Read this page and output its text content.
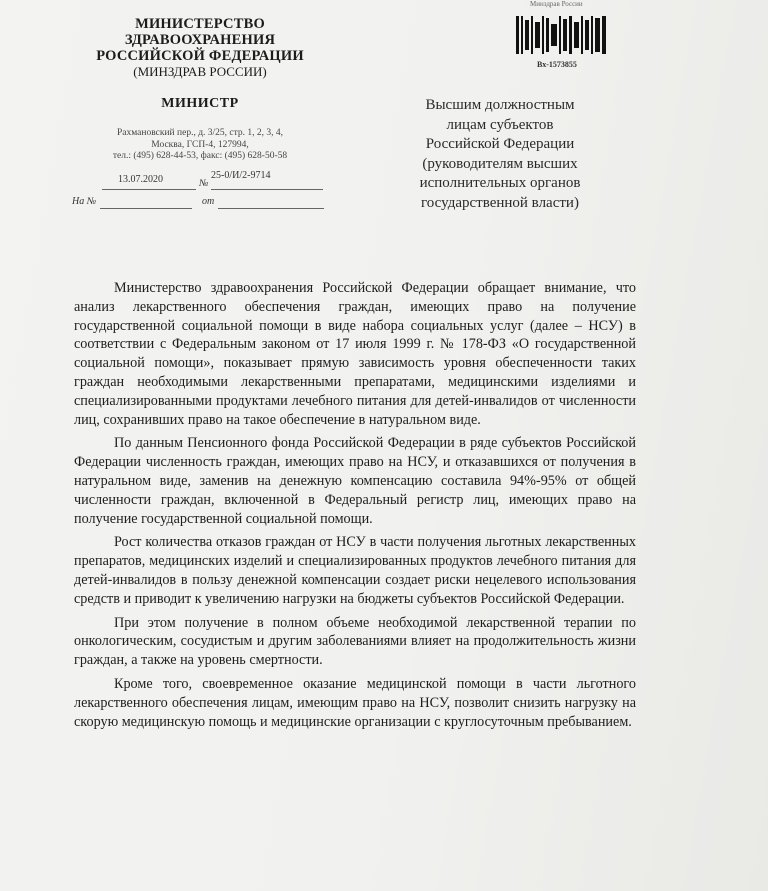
МИНИСТЕРСТВО
ЗДРАВООХРАНЕНИЯ
РОССИЙСКОЙ ФЕДЕРАЦИИ
(МИНЗДРАВ РОССИИ)
МИНИСТР
Рахмановский пер., д. 3/25, стр. 1, 2, 3, 4,
Москва, ГСП-4, 127994,
тел.: (495) 628-44-53, факс: (495) 628-50-58
13.07.2020	№
25-0/И/2-9714
На №	от
Минздрав России
Вх-1573855
Высшим должностным
лицам субъектов
Российской Федерации
(руководителям высших
исполнительных органов
государственной власти)

Министерство здравоохранения Российской Федерации обращает внимание, что анализ лекарственного обеспечения граждан, имеющих право на получение государственной социальной помощи в виде набора социальных услуг (далее – НСУ) в соответствии с Федеральным законом от 17 июля 1999 г. № 178-ФЗ «О государственной социальной помощи», показывает прямую зависимость уровня обеспеченности таких граждан необходимыми лекарственными препаратами, медицинскими изделиями и специализированными продуктами лечебного питания для детей-инвалидов от численности лиц, сохранивших право на такое обеспечение в натуральном виде.

По данным Пенсионного фонда Российской Федерации в ряде субъектов Российской Федерации численность граждан, имеющих право на НСУ, и отказавшихся от получения в натуральном виде, заменив на денежную компенсацию составила 94%-95% от общей численности граждан, включенной в Федеральный регистр лиц, имеющих право на получение государственной социальной помощи.

Рост количества отказов граждан от НСУ в части получения льготных лекарственных препаратов, медицинских изделий и специализированных продуктов лечебного питания для детей-инвалидов в пользу денежной компенсации создает риски нецелевого использования средств и приводит к увеличению нагрузки на бюджеты субъектов Российской Федерации.

При этом получение в полном объеме необходимой лекарственной терапии по онкологическим, сосудистым и другим заболеваниями влияет на продолжительность жизни граждан, а также на уровень смертности.

Кроме того, своевременное оказание медицинской помощи в части льготного лекарственного обеспечения лицам, имеющим право на НСУ, позволит снизить нагрузку на скорую медицинскую помощь и медицинские организации с круглосуточным пребыванием.
